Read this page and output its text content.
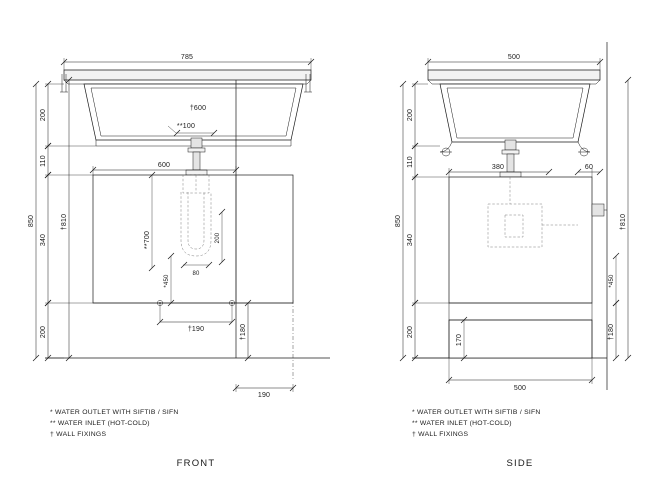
785
600
†600
**100
850
200
110
340
200
†810
**700	200
80
*450
†190	†180
190
* WATER OUTLET WITH SIFTIB / SIFN
** WATER INLET (HOT-COLD)
† WALL FIXINGS
FRONT
500
380	60
850
200
110
340
200
170
†810
*450
†180
500
* WATER OUTLET WITH SIFTIB / SIFN
** WATER INLET (HOT-COLD)
† WALL FIXINGS
SIDE
